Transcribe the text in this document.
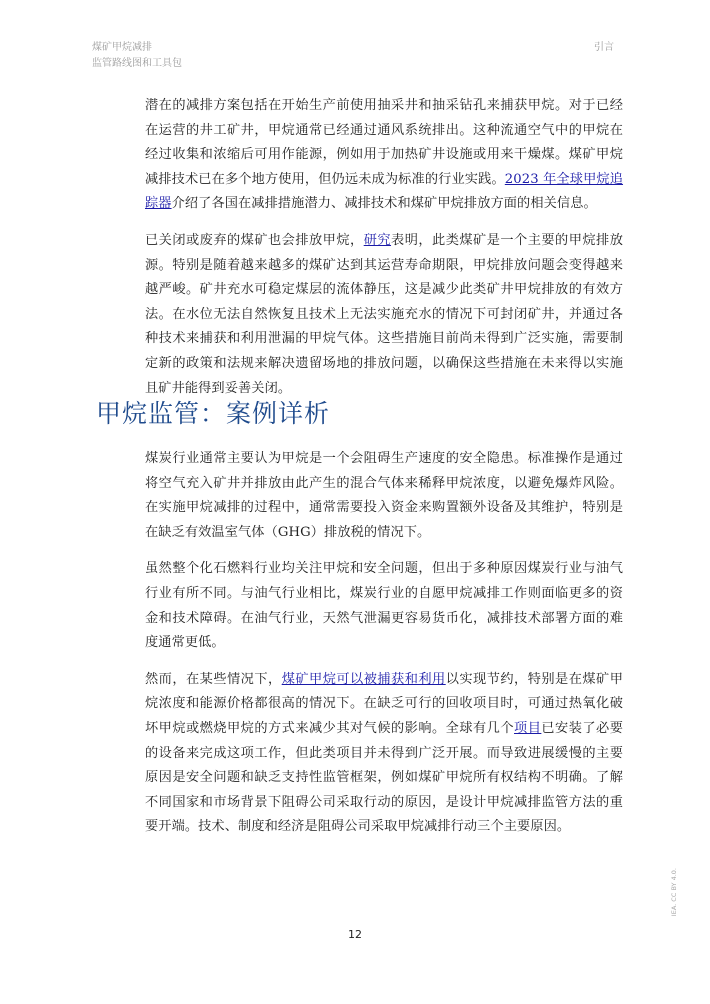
煤矿甲烷减排
监管路线图和工具包
引言

潜在的减排方案包括在开始生产前使用抽采井和抽采钻孔来捕获甲烷。对于已经在运营的井工矿井，甲烷通常已经通过通风系统排出。这种流通空气中的甲烷在经过收集和浓缩后可用作能源，例如用于加热矿井设施或用来干燥煤。煤矿甲烷减排技术已在多个地方使用，但仍远未成为标准的行业实践。2023 年全球甲烷追踪器介绍了各国在减排措施潜力、减排技术和煤矿甲烷排放方面的相关信息。

已关闭或废弃的煤矿也会排放甲烷，研究表明，此类煤矿是一个主要的甲烷排放源。特别是随着越来越多的煤矿达到其运营寿命期限，甲烷排放问题会变得越来越严峻。矿井充水可稳定煤层的流体静压，这是减少此类矿井甲烷排放的有效方法。在水位无法自然恢复且技术上无法实施充水的情况下可封闭矿井，并通过各种技术来捕获和利用泄漏的甲烷气体。这些措施目前尚未得到广泛实施，需要制定新的政策和法规来解决遗留场地的排放问题，以确保这些措施在未来得以实施且矿井能得到妥善关闭。

甲烷监管：案例详析

煤炭行业通常主要认为甲烷是一个会阻碍生产速度的安全隐患。标准操作是通过将空气充入矿井并排放由此产生的混合气体来稀释甲烷浓度，以避免爆炸风险。在实施甲烷减排的过程中，通常需要投入资金来购置额外设备及其维护，特别是在缺乏有效温室气体（GHG）排放税的情况下。

虽然整个化石燃料行业均关注甲烷和安全问题，但出于多种原因煤炭行业与油气行业有所不同。与油气行业相比，煤炭行业的自愿甲烷减排工作则面临更多的资金和技术障碍。在油气行业，天然气泄漏更容易货币化，减排技术部署方面的难度通常更低。

然而，在某些情况下，煤矿甲烷可以被捕获和利用以实现节约，特别是在煤矿甲烷浓度和能源价格都很高的情况下。在缺乏可行的回收项目时，可通过热氧化破坏甲烷或燃烧甲烷的方式来减少其对气候的影响。全球有几个项目已安装了必要的设备来完成这项工作，但此类项目并未得到广泛开展。而导致进展缓慢的主要原因是安全问题和缺乏支持性监管框架，例如煤矿甲烷所有权结构不明确。了解不同国家和市场背景下阻碍公司采取行动的原因，是设计甲烷减排监管方法的重要开端。技术、制度和经济是阻碍公司采取甲烷减排行动三个主要原因。

12
IEA. CC BY 4.0.
